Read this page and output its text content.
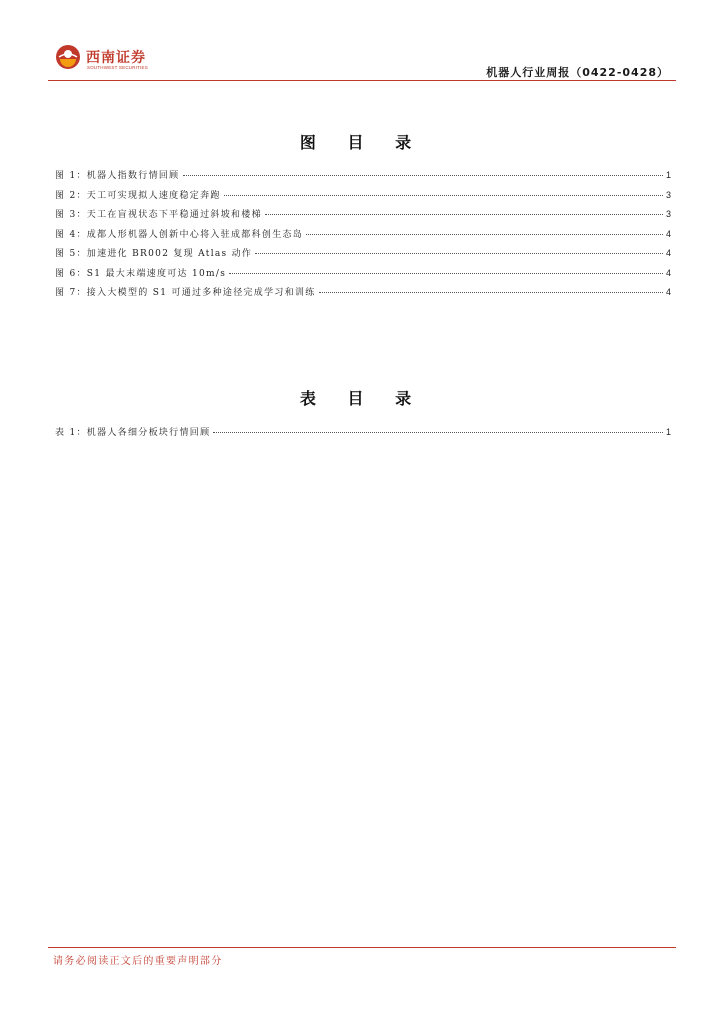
西南证券
SOUTHWEST SECURITIES	机器人行业周报（0422-0428）
图 目 录
图 1：机器人指数行情回顾	1
图 2：天工可实现拟人速度稳定奔跑	3
图 3：天工在盲视状态下平稳通过斜坡和楼梯	3
图 4：成都人形机器人创新中心将入驻成都科创生态岛	4
图 5：加速进化 BR002 复现 Atlas 动作	4
图 6：S1 最大末端速度可达 10m/s	4
图 7：接入大模型的 S1 可通过多种途径完成学习和训练	4
表 目 录
表 1：机器人各细分板块行情回顾	1
请务必阅读正文后的重要声明部分
